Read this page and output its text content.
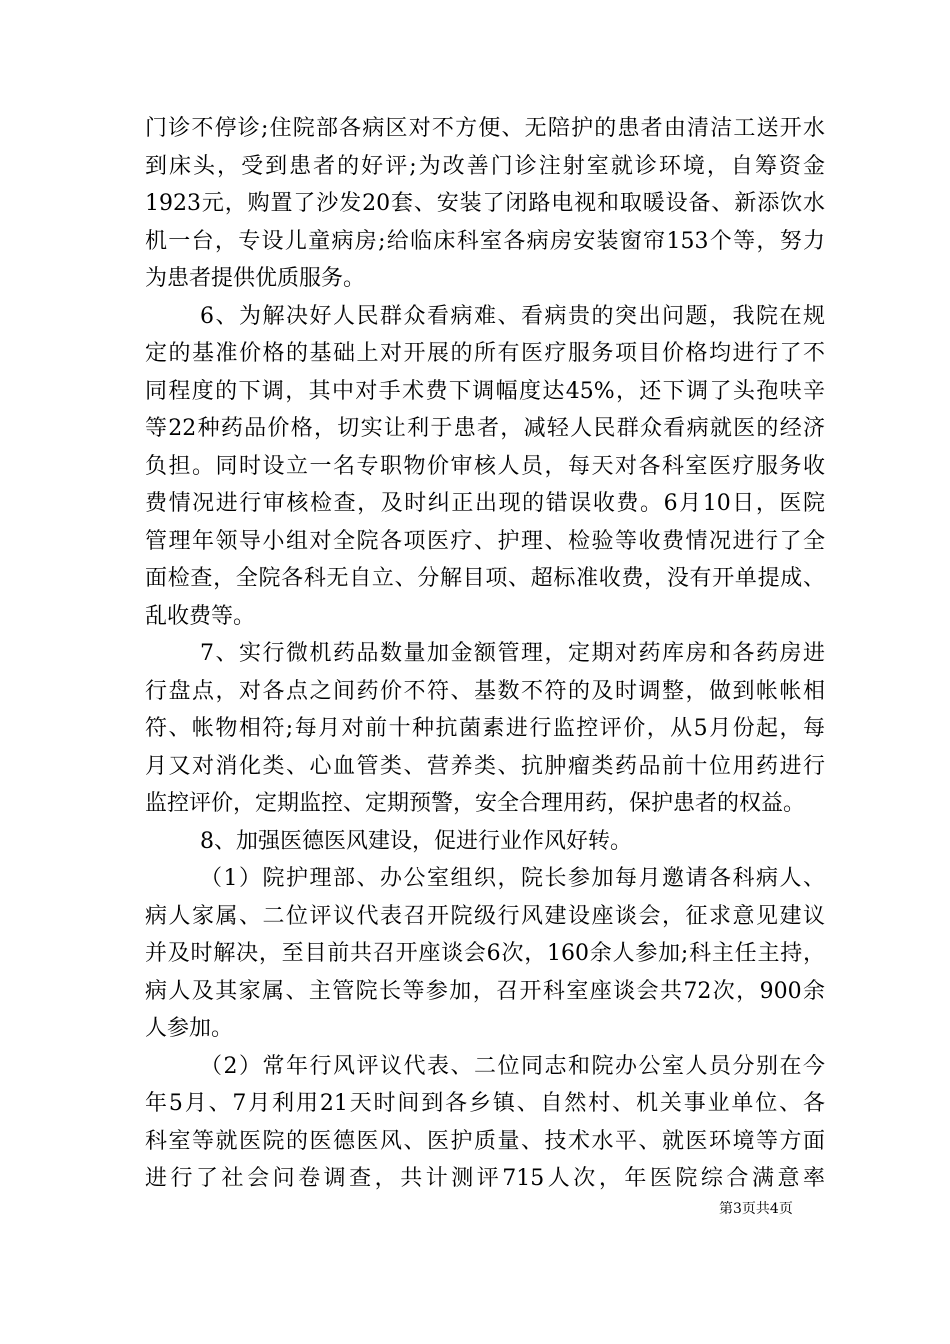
门诊不停诊;住院部各病区对不方便、无陪护的患者由清洁工送开水
到床头，受到患者的好评;为改善门诊注射室就诊环境，自筹资金
1923元，购置了沙发20套、安装了闭路电视和取暖设备、新添饮水
机一台，专设儿童病房;给临床科室各病房安装窗帘153个等，努力
为患者提供优质服务。
6、为解决好人民群众看病难、看病贵的突出问题，我院在规
定的基准价格的基础上对开展的所有医疗服务项目价格均进行了不
同程度的下调，其中对手术费下调幅度达45%，还下调了头孢呋辛
等22种药品价格，切实让利于患者，减轻人民群众看病就医的经济
负担。同时设立一名专职物价审核人员，每天对各科室医疗服务收
费情况进行审核检查，及时纠正出现的错误收费。6月10日，医院
管理年领导小组对全院各项医疗、护理、检验等收费情况进行了全
面检查，全院各科无自立、分解目项、超标准收费，没有开单提成、
乱收费等。
7、实行微机药品数量加金额管理，定期对药库房和各药房进
行盘点，对各点之间药价不符、基数不符的及时调整，做到帐帐相
符、帐物相符;每月对前十种抗菌素进行监控评价，从5月份起，每
月又对消化类、心血管类、营养类、抗肿瘤类药品前十位用药进行
监控评价，定期监控、定期预警，安全合理用药，保护患者的权益。
8、加强医德医风建设，促进行业作风好转。
（1）院护理部、办公室组织，院长参加每月邀请各科病人、
病人家属、二位评议代表召开院级行风建设座谈会，征求意见建议
并及时解决，至目前共召开座谈会6次，160余人参加;科主任主持，
病人及其家属、主管院长等参加，召开科室座谈会共72次，900余
人参加。
（2）常年行风评议代表、二位同志和院办公室人员分别在今
年5月、7月利用21天时间到各乡镇、自然村、机关事业单位、各
科室等就医院的医德医风、医护质量、技术水平、就医环境等方面
进行了社会问卷调查，共计测评715人次，年医院综合满意率
第3页共4页
